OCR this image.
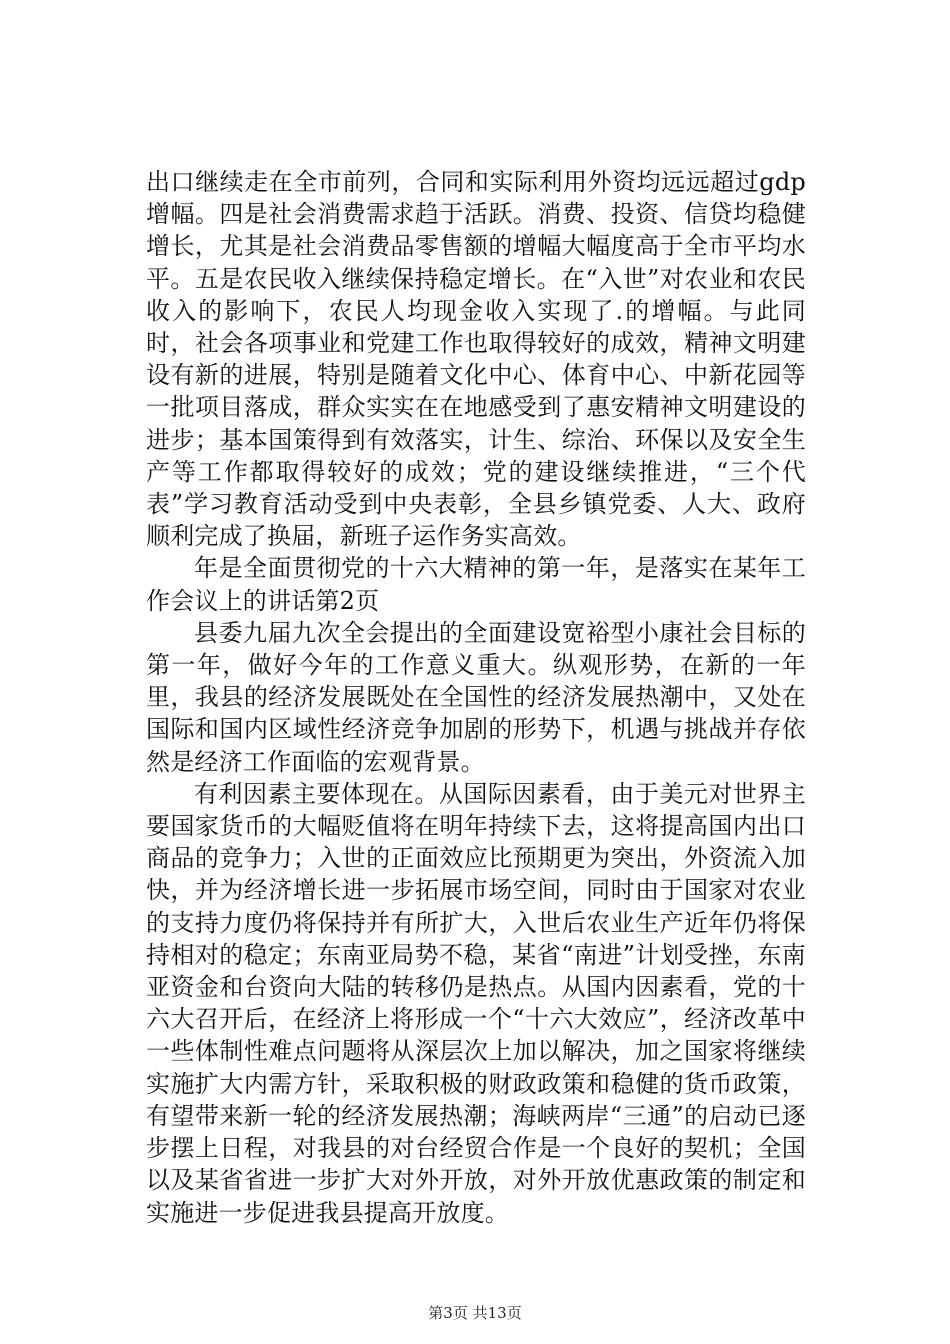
出口继续走在全市前列，合同和实际利用外资均远远超过gdp增幅。四是社会消费需求趋于活跃。消费、投资、信贷均稳健增长，尤其是社会消费品零售额的增幅大幅度高于全市平均水平。五是农民收入继续保持稳定增长。在“入世”对农业和农民收入的影响下，农民人均现金收入实现了.的增幅。与此同时，社会各项事业和党建工作也取得较好的成效，精神文明建设有新的进展，特别是随着文化中心、体育中心、中新花园等一批项目落成，群众实实在在地感受到了惠安精神文明建设的进步；基本国策得到有效落实，计生、综治、环保以及安全生产等工作都取得较好的成效；党的建设继续推进，“三个代表”学习教育活动受到中央表彰，全县乡镇党委、人大、政府顺利完成了换届，新班子运作务实高效。

年是全面贯彻党的十六大精神的第一年，是落实在某年工作会议上的讲话第2页

县委九届九次全会提出的全面建设宽裕型小康社会目标的第一年，做好今年的工作意义重大。纵观形势，在新的一年里，我县的经济发展既处在全国性的经济发展热潮中，又处在国际和国内区域性经济竞争加剧的形势下，机遇与挑战并存依然是经济工作面临的宏观背景。

有利因素主要体现在。从国际因素看，由于美元对世界主要国家货币的大幅贬值将在明年持续下去，这将提高国内出口商品的竞争力；入世的正面效应比预期更为突出，外资流入加快，并为经济增长进一步拓展市场空间，同时由于国家对农业的支持力度仍将保持并有所扩大，入世后农业生产近年仍将保持相对的稳定；东南亚局势不稳，某省“南进”计划受挫，东南亚资金和台资向大陆的转移仍是热点。从国内因素看，党的十六大召开后，在经济上将形成一个“十六大效应”，经济改革中一些体制性难点问题将从深层次上加以解决，加之国家将继续实施扩大内需方针，采取积极的财政政策和稳健的货币政策，有望带来新一轮的经济发展热潮；海峡两岸“三通”的启动已逐步摆上日程，对我县的对台经贸合作是一个良好的契机；全国以及某省省进一步扩大对外开放，对外开放优惠政策的制定和实施进一步促进我县提高开放度。

第3页 共13页
